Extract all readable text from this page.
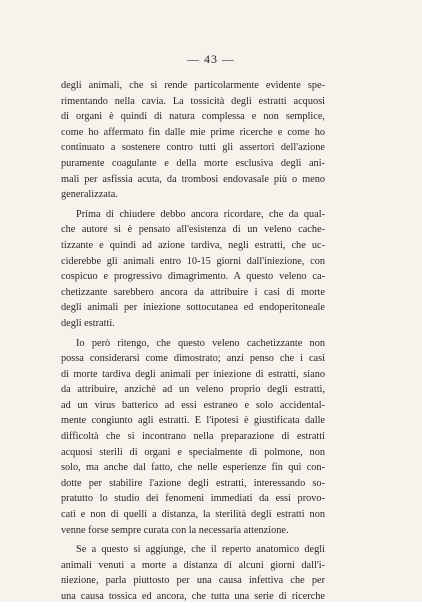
— 43 —
degli animali, che si rende particolarmente evidente spe-
rimentando nella cavia. La tossicità degli estratti acquosi
di organi è quindi di natura complessa e non semplice,
come ho affermato fin dalle mie prime ricerche e come ho
continuato a sostenere contro tutti gli assertori dell'azione
puramente coagulante e della morte esclusiva degli ani-
mali per asfissia acuta, da trombosi endovasale più o meno
generalizzata.
Prima di chiudere debbo ancora ricordare, che da qual-
che autore si è pensato all'esistenza di un veleno cache-
tizzante e quindi ad azione tardiva, negli estratti, che uc-
ciderebbe gli animali entro 10-15 giorni dall'iniezione, con
cospicuo e progressivo dimagrimento. A questo veleno ca-
chetizzante sarebbero ancora da attribuire i casi di morte
degli animali per iniezione sottocutanea ed endoperitoneale
degli estratti.
Io però ritengo, che questo veleno cachetizzante non
possa considerarsi come dimostrato; anzi penso che i casi
di morte tardiva degli animali per iniezione di estratti, siano
da attribuire, anzichè ad un veleno proprio degli estratti,
ad un virus batterico ad essi estraneo e solo accidental-
mente congiunto agli estratti. E l'ipotesi è giustificata dalle
difficoltà che si incontrano nella preparazione di estratti
acquosi sterili di organi e specialmente di polmone, non
solo, ma anche dal fatto, che nelle esperienze fin qui con-
dotte per stabilire l'azione degli estratti, interessando so-
pratutto lo studio dei fenomeni immediati da essi provo-
cati e non di quelli a distanza, la sterilità degli estratti non
venne forse sempre curata con la necessaria attenzione.
Se a questo si aggiunge, che il reperto anatomico degli
animali venuti a morte a distanza di alcuni giorni dall'i-
niezione, parla piuttosto per una causa infettiva che per
una causa tossica ed ancora, che tutta una serie di ricerche
